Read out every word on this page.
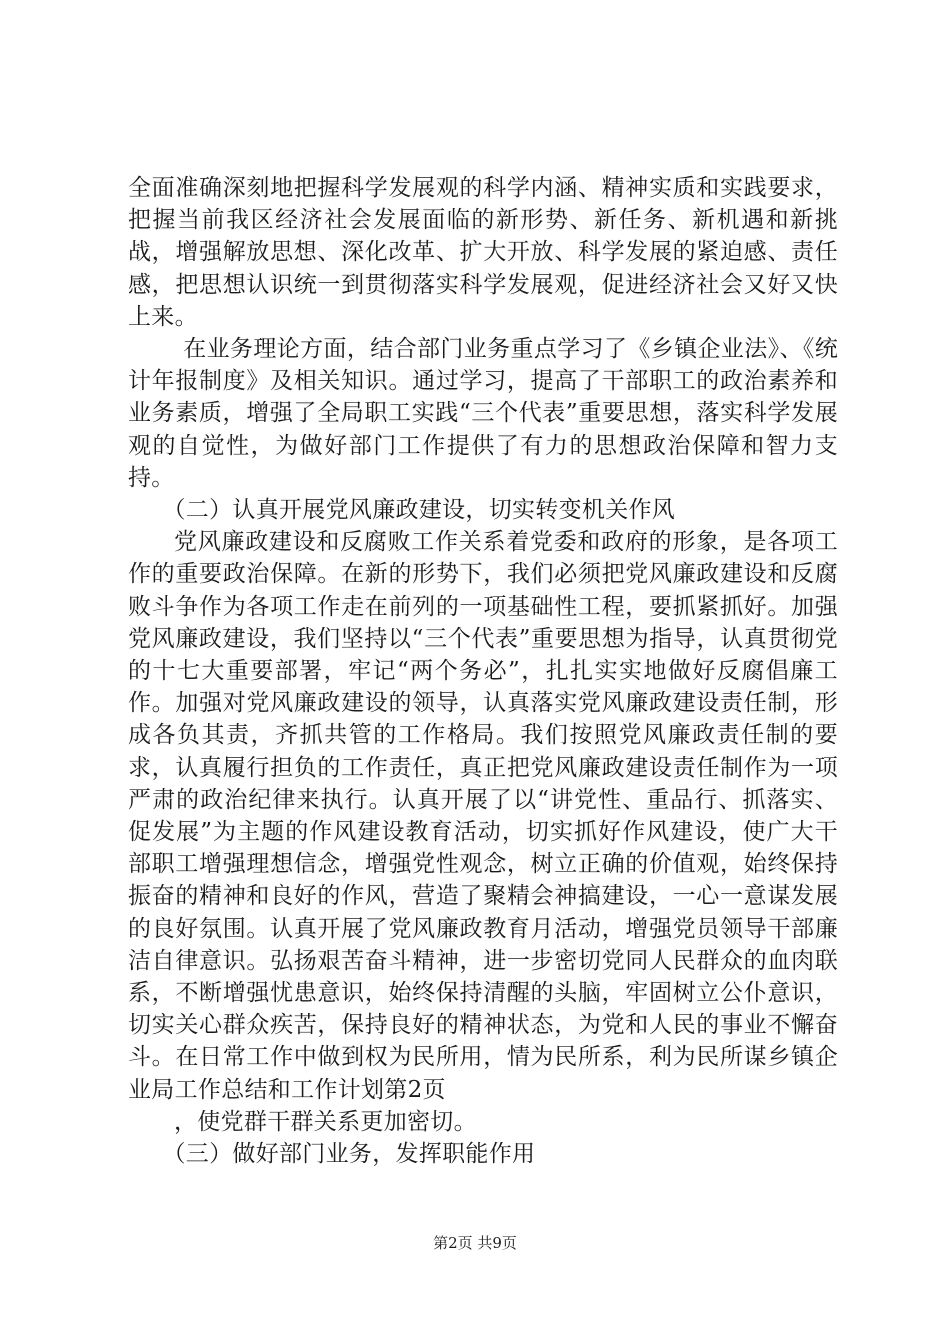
全面准确深刻地把握科学发展观的科学内涵、精神实质和实践要求，把握当前我区经济社会发展面临的新形势、新任务、新机遇和新挑战，增强解放思想、深化改革、扩大开放、科学发展的紧迫感、责任感，把思想认识统一到贯彻落实科学发展观，促进经济社会又好又快上来。

在业务理论方面，结合部门业务重点学习了《乡镇企业法》、《统计年报制度》及相关知识。通过学习，提高了干部职工的政治素养和业务素质，增强了全局职工实践“三个代表”重要思想，落实科学发展观的自觉性，为做好部门工作提供了有力的思想政治保障和智力支持。

（二）认真开展党风廉政建设，切实转变机关作风

党风廉政建设和反腐败工作关系着党委和政府的形象，是各项工作的重要政治保障。在新的形势下，我们必须把党风廉政建设和反腐败斗争作为各项工作走在前列的一项基础性工程，要抓紧抓好。加强党风廉政建设，我们坚持以“三个代表”重要思想为指导，认真贯彻党的十七大重要部署，牢记“两个务必”，扎扎实实地做好反腐倡廉工作。加强对党风廉政建设的领导，认真落实党风廉政建设责任制，形成各负其责，齐抓共管的工作格局。我们按照党风廉政责任制的要求，认真履行担负的工作责任，真正把党风廉政建设责任制作为一项严肃的政治纪律来执行。认真开展了以“讲党性、重品行、抓落实、促发展”为主题的作风建设教育活动，切实抓好作风建设，使广大干部职工增强理想信念，增强党性观念，树立正确的价值观，始终保持振奋的精神和良好的作风，营造了聚精会神搞建设，一心一意谋发展的良好氛围。认真开展了党风廉政教育月活动，增强党员领导干部廉洁自律意识。弘扬艰苦奋斗精神，进一步密切党同人民群众的血肉联系，不断增强忧患意识，始终保持清醒的头脑，牢固树立公仆意识，切实关心群众疾苦，保持良好的精神状态，为党和人民的事业不懈奋斗。在日常工作中做到权为民所用，情为民所系，利为民所谋乡镇企业局工作总结和工作计划第2页

，使党群干群关系更加密切。

（三）做好部门业务，发挥职能作用

第2页 共9页
